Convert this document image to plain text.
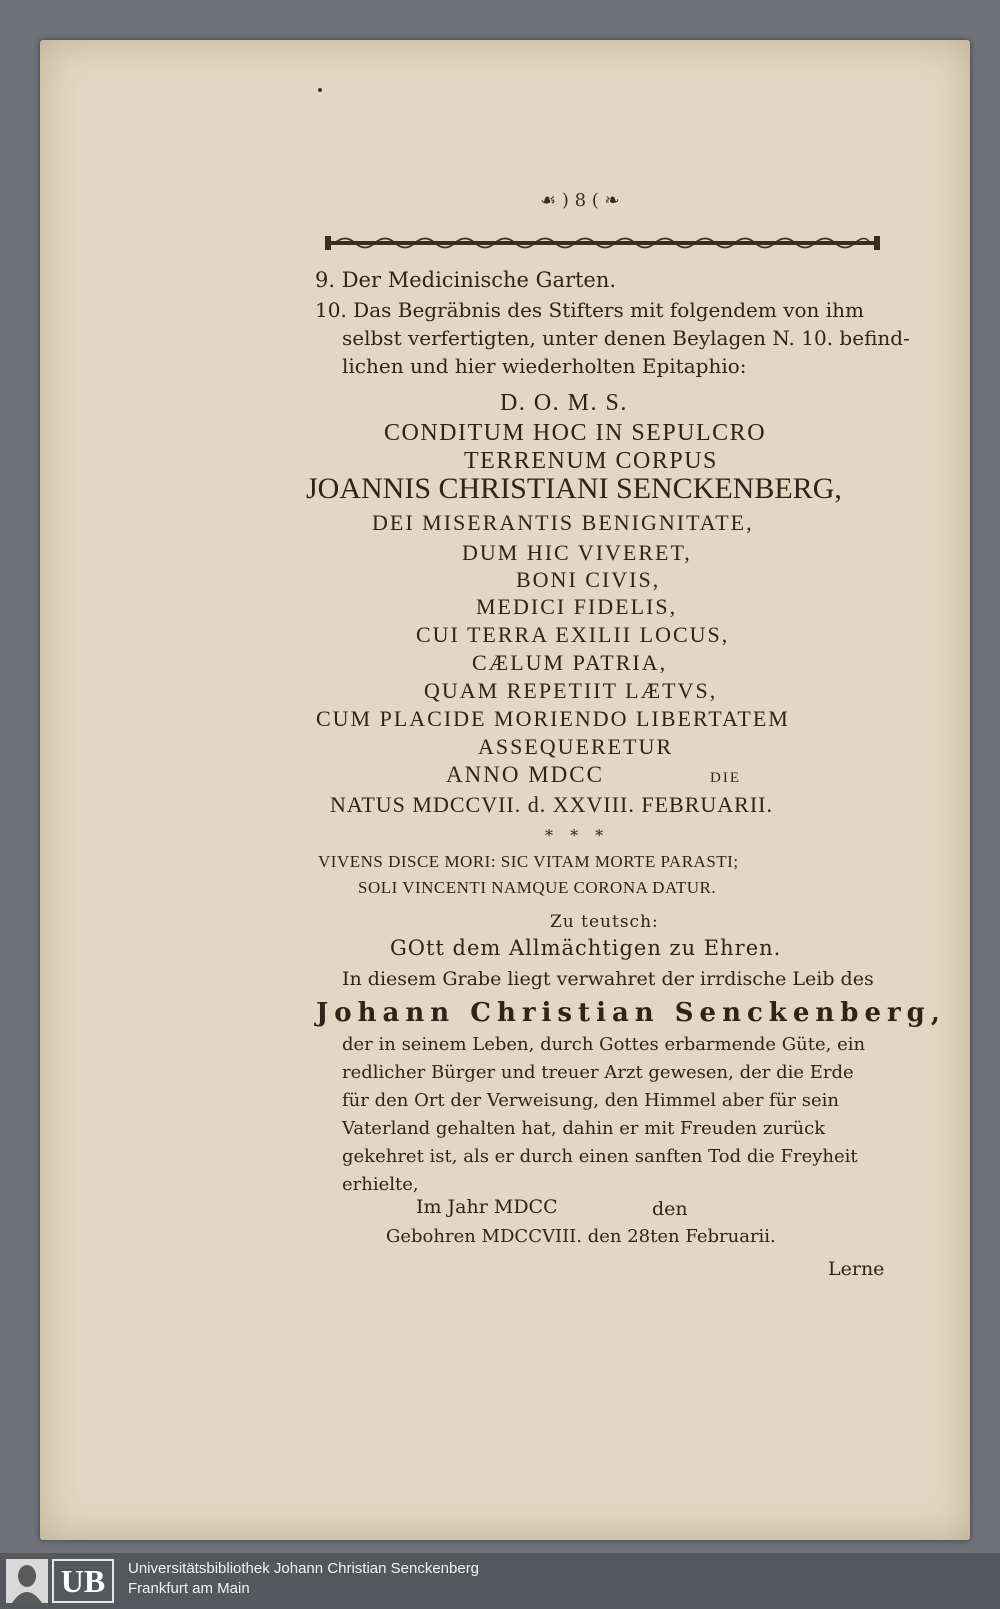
☙ ) 8 ( ❧
9. Der Medicinische Garten.
10. Das Begräbnis des Stifters mit folgendem von ihm
selbst verfertigten, unter denen Beylagen N. 10. befind-
lichen und hier wiederholten Epitaphio:
D. O. M. S.
CONDITUM HOC IN SEPULCRO
TERRENUM CORPUS
JOANNIS CHRISTIANI SENCKENBERG,
DEI MISERANTIS BENIGNITATE,
DUM HIC VIVERET,
BONI CIVIS,
MEDICI FIDELIS,
CUI TERRA EXILII LOCUS,
CÆLUM PATRIA,
QUAM REPETIIT LÆTVS,
CUM PLACIDE MORIENDO LIBERTATEM
ASSEQUERETUR
ANNO MDCC	DIE
NATUS MDCCVII. d. XXVIII. FEBRUARII.
* * *
VIVENS DISCE MORI: SIC VITAM MORTE PARASTI;
SOLI VINCENTI NAMQUE CORONA DATUR.
Zu teutsch:
GOtt dem Allmächtigen zu Ehren.
In diesem Grabe liegt verwahret der irrdische Leib des
Johann Christian Senckenberg,
der in seinem Leben, durch Gottes erbarmende Güte, ein
redlicher Bürger und treuer Arzt gewesen, der die Erde
für den Ort der Verweisung, den Himmel aber für sein
Vaterland gehalten hat, dahin er mit Freuden zurück
gekehret ist, als er durch einen sanften Tod die Freyheit
erhielte,
Im Jahr MDCC	den
Gebohren MDCCVIII. den 28ten Februarii.
Lerne
UB	Universitätsbibliothek Johann Christian Senckenberg
Frankfurt am Main
